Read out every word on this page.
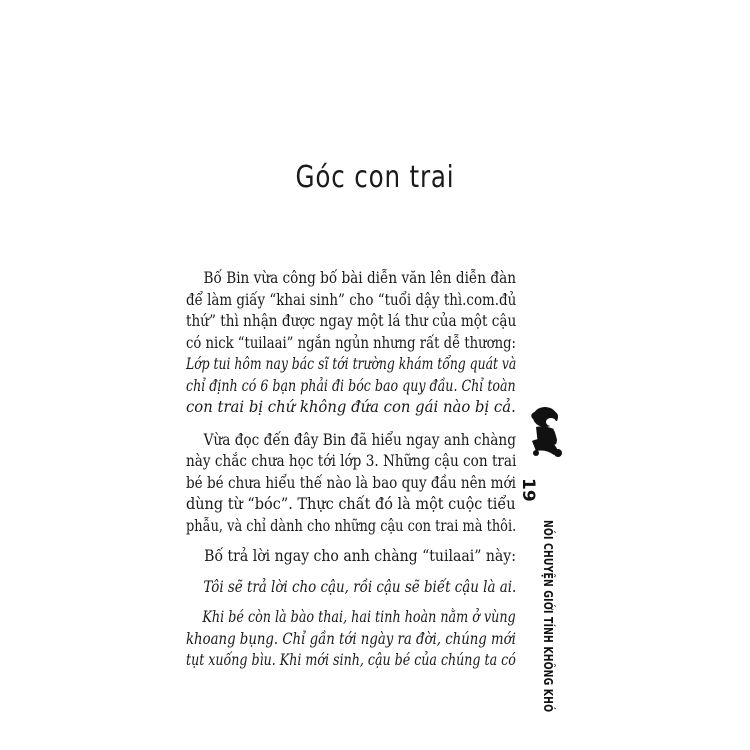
Góc con trai
Bố Bin vừa công bố bài diễn văn lên diễn đàn
để làm giấy “khai sinh” cho “tuổi dậy thì.com.đủ
thứ” thì nhận được ngay một lá thư của một cậu
có nick “tuilaai” ngắn ngủn nhưng rất dễ thương:
Lớp tui hôm nay bác sĩ tới trường khám tổng quát và
chỉ định có 6 bạn phải đi bóc bao quy đầu. Chỉ toàn
con trai bị chứ không đứa con gái nào bị cả.
Vừa đọc đến đây Bin đã hiểu ngay anh chàng
này chắc chưa học tới lớp 3. Những cậu con trai
bé bé chưa hiểu thế nào là bao quy đầu nên mới
dùng từ “bóc”. Thực chất đó là một cuộc tiểu
phẫu, và chỉ dành cho những cậu con trai mà thôi.
Bố trả lời ngay cho anh chàng “tuilaai” này:
Tôi sẽ trả lời cho cậu, rồi cậu sẽ biết cậu là ai.
Khi bé còn là bào thai, hai tinh hoàn nằm ở vùng
khoang bụng. Chỉ gần tới ngày ra đời, chúng mới
tụt xuống bìu. Khi mới sinh, cậu bé của chúng ta có
19
NÓI CHUYỆN GIỚI TÍNH KHÔNG KHÓ
